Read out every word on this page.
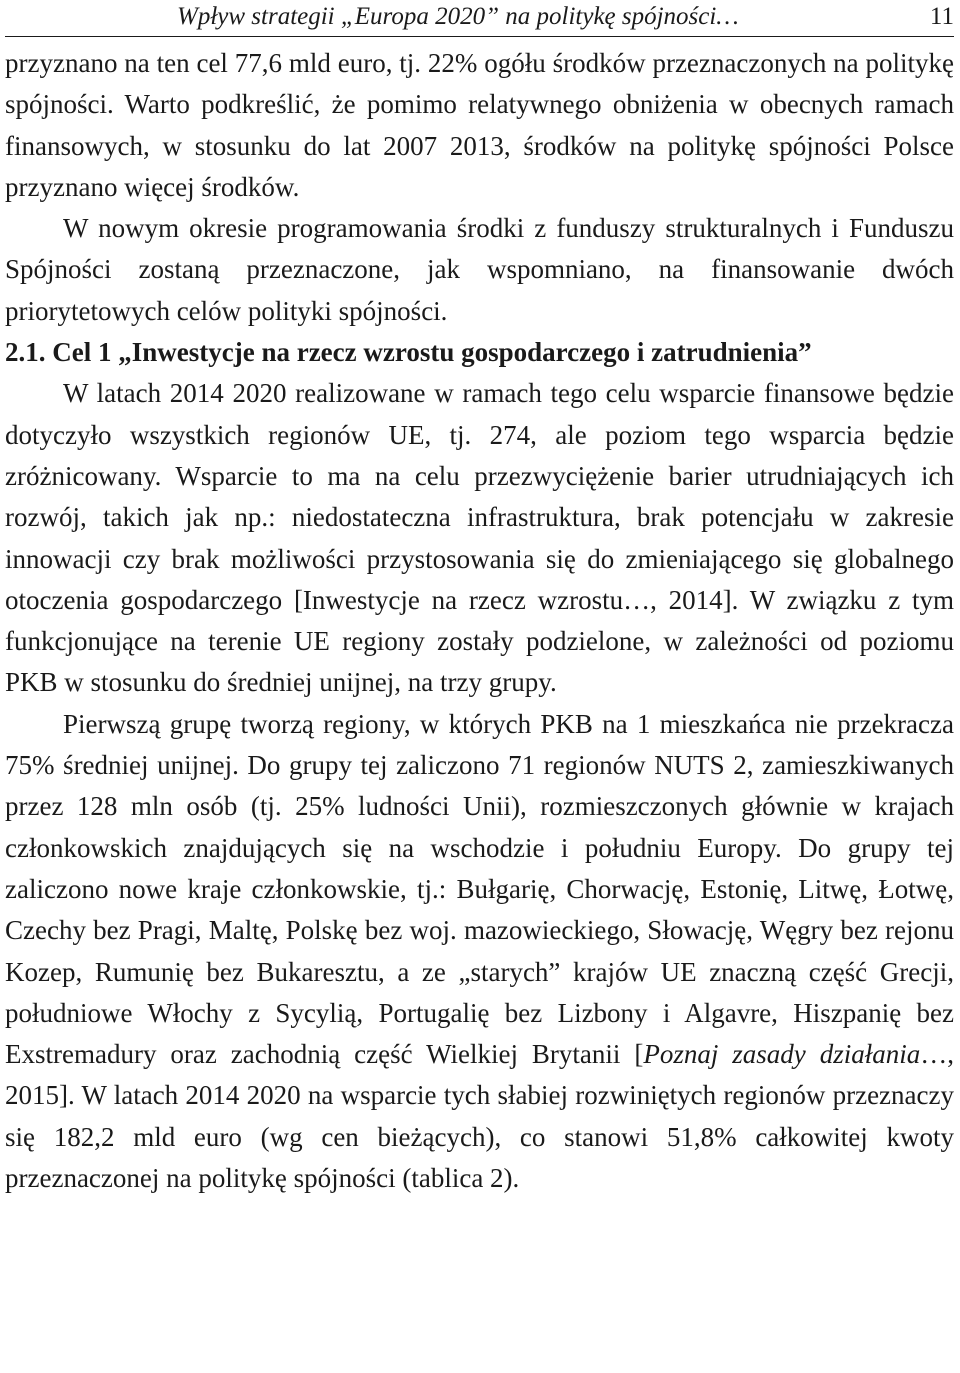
Wpływ strategii „Europa 2020” na politykę spójności…	11

przyznano na ten cel 77,6 mld euro, tj. 22% ogółu środków przeznaczonych na politykę spójności. Warto podkreślić, że pomimo relatywnego obniżenia w obecnych ramach finansowych, w stosunku do lat 2007 2013, środków na politykę spójności Polsce przyznano więcej środków.

W nowym okresie programowania środki z funduszy strukturalnych i Funduszu Spójności zostaną przeznaczone, jak wspomniano, na finansowanie dwóch priorytetowych celów polityki spójności.

2.1. Cel 1 „Inwestycje na rzecz wzrostu gospodarczego i zatrudnienia”

W latach 2014 2020 realizowane w ramach tego celu wsparcie finansowe będzie dotyczyło wszystkich regionów UE, tj. 274, ale poziom tego wsparcia będzie zróżnicowany. Wsparcie to ma na celu przezwyciężenie barier utrudniających ich rozwój, takich jak np.: niedostateczna infrastruktura, brak potencjału w zakresie innowacji czy brak możliwości przystosowania się do zmieniającego się globalnego otoczenia gospodarczego [Inwestycje na rzecz wzrostu…, 2014]. W związku z tym funkcjonujące na terenie UE regiony zostały podzielone, w zależności od poziomu PKB w stosunku do średniej unijnej, na trzy grupy.

Pierwszą grupę tworzą regiony, w których PKB na 1 mieszkańca nie przekracza 75% średniej unijnej. Do grupy tej zaliczono 71 regionów NUTS 2, zamieszkiwanych przez 128 mln osób (tj. 25% ludności Unii), rozmieszczonych głównie w krajach członkowskich znajdujących się na wschodzie i południu Europy. Do grupy tej zaliczono nowe kraje członkowskie, tj.: Bułgarię, Chorwację, Estonię, Litwę, Łotwę, Czechy bez Pragi, Maltę, Polskę bez woj. mazowieckiego, Słowację, Węgry bez rejonu Kozep, Rumunię bez Bukaresztu, a ze „starych” krajów UE znaczną część Grecji, południowe Włochy z Sycylią, Portugalię bez Lizbony i Algavre, Hiszpanię bez Exstremadury oraz zachodnią część Wielkiej Brytanii [Poznaj zasady działania…, 2015]. W latach 2014 2020 na wsparcie tych słabiej rozwiniętych regionów przeznaczy się 182,2 mld euro (wg cen bieżących), co stanowi 51,8% całkowitej kwoty przeznaczonej na politykę spójności (tablica 2).
